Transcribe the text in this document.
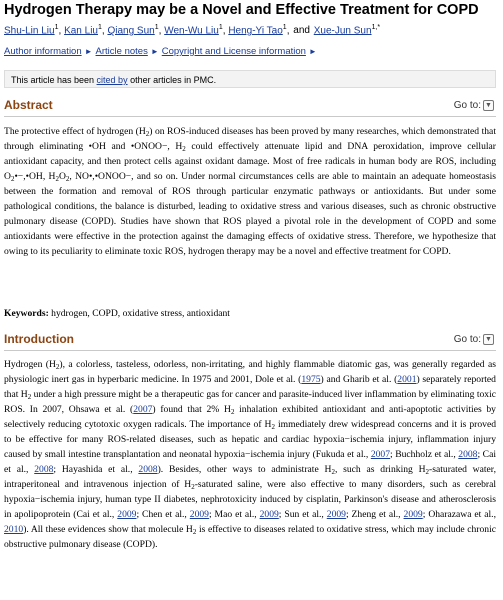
Hydrogen Therapy may be a Novel and Effective Treatment for COPD
Shu-Lin Liu$^1$, Kan Liu$^1$, Qiang Sun$^1$, Wen-Wu Liu$^1$, Heng-Yi Tao$^1$, and Xue-Jun Sun$^{1,*}$
Author information ► Article notes ► Copyright and License information ►
This article has been cited by other articles in PMC.
Abstract	Go to: ▼
The protective effect of hydrogen $(H_2)$ on ROS-induced diseases has been proved by many researches, which demonstrated that through eliminating •OH and •ONOO−, $H_2$ could effectively attenuate lipid and DNA peroxidation, improve cellular antioxidant capacity, and then protect cells against oxidant damage. Most of free radicals in human body are ROS, including $O_2•-,•OH$, $H_2O_2$, NO•,•ONOO−, and so on. Under normal circumstances cells are able to maintain an adequate homeostasis between the formation and removal of ROS through particular enzymatic pathways or antioxidants. But under some pathological conditions, the balance is disturbed, leading to oxidative stress and various diseases, such as chronic obstructive pulmonary disease (COPD). Studies have shown that ROS played a pivotal role in the development of COPD and some antioxidants were effective in the protection against the damaging effects of oxidative stress. Therefore, we hypothesize that owing to its peculiarity to eliminate toxic ROS, hydrogen therapy may be a novel and effective treatment for COPD.
Keywords: hydrogen, COPD, oxidative stress, antioxidant
Introduction	Go to: ▼
Hydrogen $(H_2)$, a colorless, tasteless, odorless, non-irritating, and highly flammable diatomic gas, was generally regarded as physiologic inert gas in hyperbaric medicine. In 1975 and 2001, Dole et al. (1975) and Gharib et al. (2001) separately reported that $H_2$ under a high pressure might be a therapeutic gas for cancer and parasite-induced liver inflammation by eliminating toxic ROS. In 2007, Ohsawa et al. (2007) found that 2% $H_2$ inhalation exhibited antioxidant and anti-apoptotic activities by selectively reducing cytotoxic oxygen radicals. The importance of $H_2$ immediately drew widespread concerns and it is proved to be effective for many ROS-related diseases, such as hepatic and cardiac hypoxia−ischemia injury, inflammation injury caused by small intestine transplantation and neonatal hypoxia−ischemia injury (Fukuda et al., 2007; Buchholz et al., 2008; Cai et al., 2008; Hayashida et al., 2008). Besides, other ways to administrate $H_2$, such as drinking $H_2$-saturated water, intraperitoneal and intravenous injection of $H_2$-saturated saline, were also effective to many disorders, such as cerebral hypoxia−ischemia injury, human type II diabetes, nephrotoxicity induced by cisplatin, Parkinson's disease and atherosclerosis in apolipoprotein (Cai et al., 2009; Chen et al., 2009; Mao et al., 2009; Sun et al., 2009; Zheng et al., 2009; Oharazawa et al., 2010). All these evidences show that molecule $H_2$ is effective to diseases related to oxidative stress, which may include chronic obstructive pulmonary disease (COPD).
